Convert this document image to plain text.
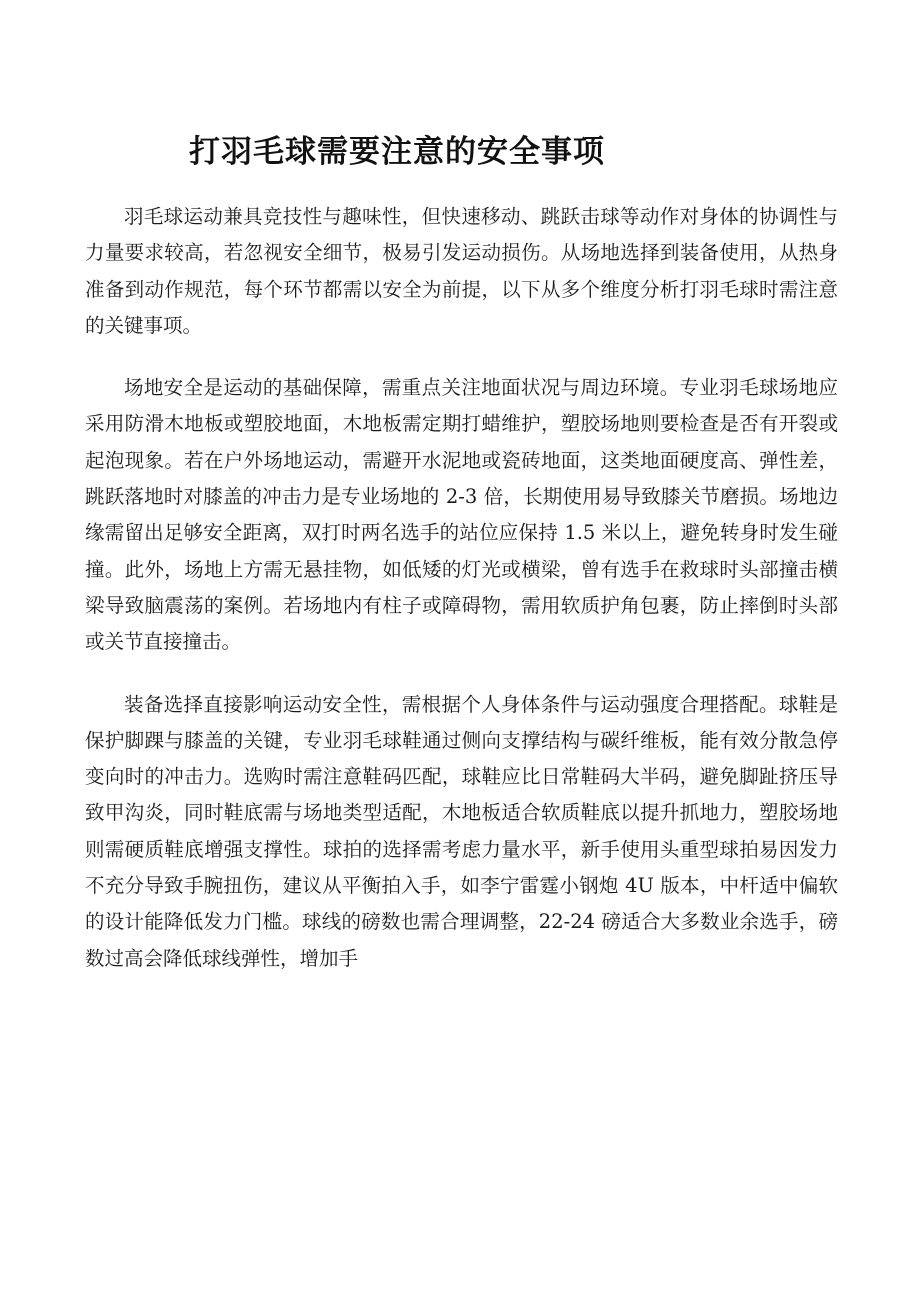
打羽毛球需要注意的安全事项

羽毛球运动兼具竞技性与趣味性，但快速移动、跳跃击球等动作对身体的协调性与力量要求较高，若忽视安全细节，极易引发运动损伤。从场地选择到装备使用，从热身准备到动作规范，每个环节都需以安全为前提，以下从多个维度分析打羽毛球时需注意的关键事项。

场地安全是运动的基础保障，需重点关注地面状况与周边环境。专业羽毛球场地应采用防滑木地板或塑胶地面，木地板需定期打蜡维护，塑胶场地则要检查是否有开裂或起泡现象。若在户外场地运动，需避开水泥地或瓷砖地面，这类地面硬度高、弹性差，跳跃落地时对膝盖的冲击力是专业场地的 2-3 倍，长期使用易导致膝关节磨损。场地边缘需留出足够安全距离，双打时两名选手的站位应保持 1.5 米以上，避免转身时发生碰撞。此外，场地上方需无悬挂物，如低矮的灯光或横梁，曾有选手在救球时头部撞击横梁导致脑震荡的案例。若场地内有柱子或障碍物，需用软质护角包裹，防止摔倒时头部或关节直接撞击。

装备选择直接影响运动安全性，需根据个人身体条件与运动强度合理搭配。球鞋是保护脚踝与膝盖的关键，专业羽毛球鞋通过侧向支撑结构与碳纤维板，能有效分散急停变向时的冲击力。选购时需注意鞋码匹配，球鞋应比日常鞋码大半码，避免脚趾挤压导致甲沟炎，同时鞋底需与场地类型适配，木地板适合软质鞋底以提升抓地力，塑胶场地则需硬质鞋底增强支撑性。球拍的选择需考虑力量水平，新手使用头重型球拍易因发力不充分导致手腕扭伤，建议从平衡拍入手，如李宁雷霆小钢炮 4U 版本，中杆适中偏软的设计能降低发力门槛。球线的磅数也需合理调整，22-24 磅适合大多数业余选手，磅数过高会降低球线弹性，增加手
